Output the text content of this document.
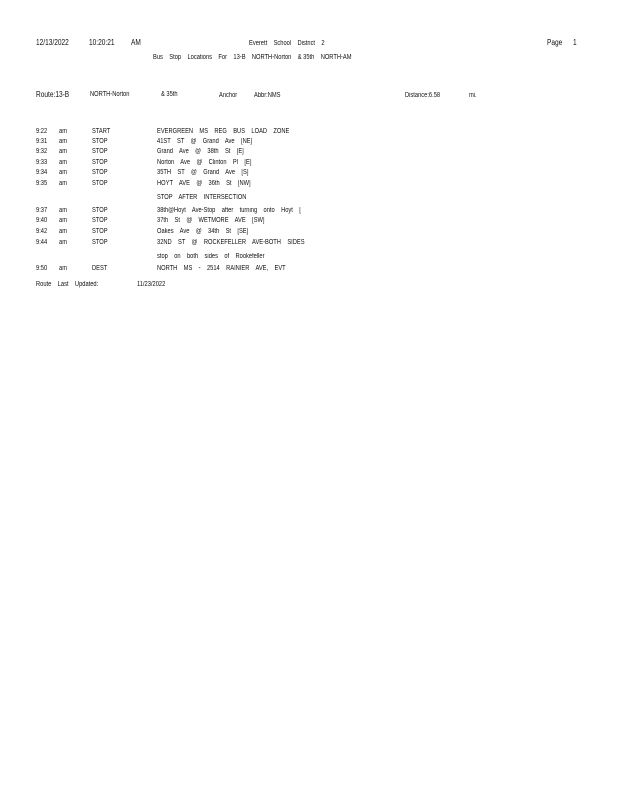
12/13/2022	10:20:21 AM	Everett    School    District    2	Page 1
Bus    Stop    Locations    For    13-B    NORTH-Norton    & 35th    NORTH-AM
Route:13-B	NORTH-Norton	& 35th	Anchor Abbr:NMS	Distance:6.58	mi.
9:22 am	START	EVERGREEN    MS    REG    BUS    LOAD    ZONE
9:31 am	STOP	41ST    ST    @    Grand    Ave    [NE]
9:32 am	STOP	Grand    Ave    @    38th    St    [E]
9:33 am	STOP	Norton    Ave    @    Clinton    Pl    [E]
9:34 am	STOP	35TH    ST    @    Grand    Ave    [S]
9:35 am	STOP	HOYT    AVE    @    36th    St    [NW]
STOP    AFTER    INTERSECTION
9:37 am	STOP	38th@Hoyt    Ave-Stop    after    turning    onto    Hoyt    [
9:40 am	STOP	37th    St    @    WETMORE    AVE    [SW]
9:42 am	STOP	Oakes    Ave    @    34th    St    [SE]
9:44 am	STOP	32ND    ST    @    ROCKEFELLER    AVE-BOTH    SIDES
stop    on    both    sides    of    Rookefeller
9:50 am	DEST	NORTH    MS    -    2514    RAINIER    AVE,    EVT
Route    Last    Updated:	11/23/2022
